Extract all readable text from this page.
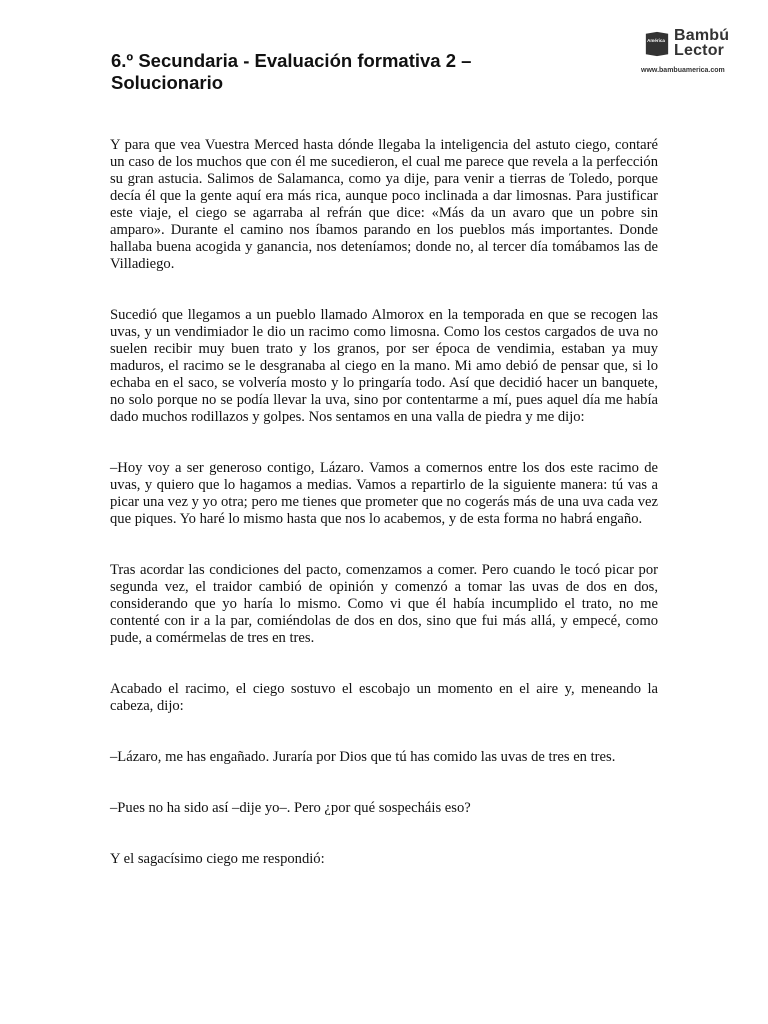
6.º Secundaria - Evaluación formativa 2 – Solucionario
América Bambú
Lector
www.bambuamerica.com

Y para que vea Vuestra Merced hasta dónde llegaba la inteligencia del astuto ciego, contaré un caso de los muchos que con él me sucedieron, el cual me parece que revela a la perfección su gran astucia. Salimos de Salamanca, como ya dije, para venir a tierras de Toledo, porque decía él que la gente aquí era más rica, aunque poco inclinada a dar limosnas. Para justificar este viaje, el ciego se agarraba al refrán que dice: «Más da un avaro que un pobre sin amparo». Durante el camino nos íbamos parando en los pueblos más importantes. Donde hallaba buena acogida y ganancia, nos deteníamos; donde no, al tercer día tomábamos las de Villadiego.

Sucedió que llegamos a un pueblo llamado Almorox en la temporada en que se recogen las uvas, y un vendimiador le dio un racimo como limosna. Como los cestos cargados de uva no suelen recibir muy buen trato y los granos, por ser época de vendimia, estaban ya muy maduros, el racimo se le desgranaba al ciego en la mano. Mi amo debió de pensar que, si lo echaba en el saco, se volvería mosto y lo pringaría todo. Así que decidió hacer un banquete, no solo porque no se podía llevar la uva, sino por contentarme a mí, pues aquel día me había dado muchos rodillazos y golpes. Nos sentamos en una valla de piedra y me dijo:

–Hoy voy a ser generoso contigo, Lázaro. Vamos a comernos entre los dos este racimo de uvas, y quiero que lo hagamos a medias. Vamos a repartirlo de la siguiente manera: tú vas a picar una vez y yo otra; pero me tienes que prometer que no cogerás más de una uva cada vez que piques. Yo haré lo mismo hasta que nos lo acabemos, y de esta forma no habrá engaño.

Tras acordar las condiciones del pacto, comenzamos a comer. Pero cuando le tocó picar por segunda vez, el traidor cambió de opinión y comenzó a tomar las uvas de dos en dos, considerando que yo haría lo mismo. Como vi que él había incumplido el trato, no me contenté con ir a la par, comiéndolas de dos en dos, sino que fui más allá, y empecé, como pude, a comérmelas de tres en tres.

Acabado el racimo, el ciego sostuvo el escobajo un momento en el aire y, meneando la cabeza, dijo:

–Lázaro, me has engañado. Juraría por Dios que tú has comido las uvas de tres en tres.

–Pues no ha sido así –dije yo–. Pero ¿por qué sospecháis eso?

Y el sagacísimo ciego me respondió:
